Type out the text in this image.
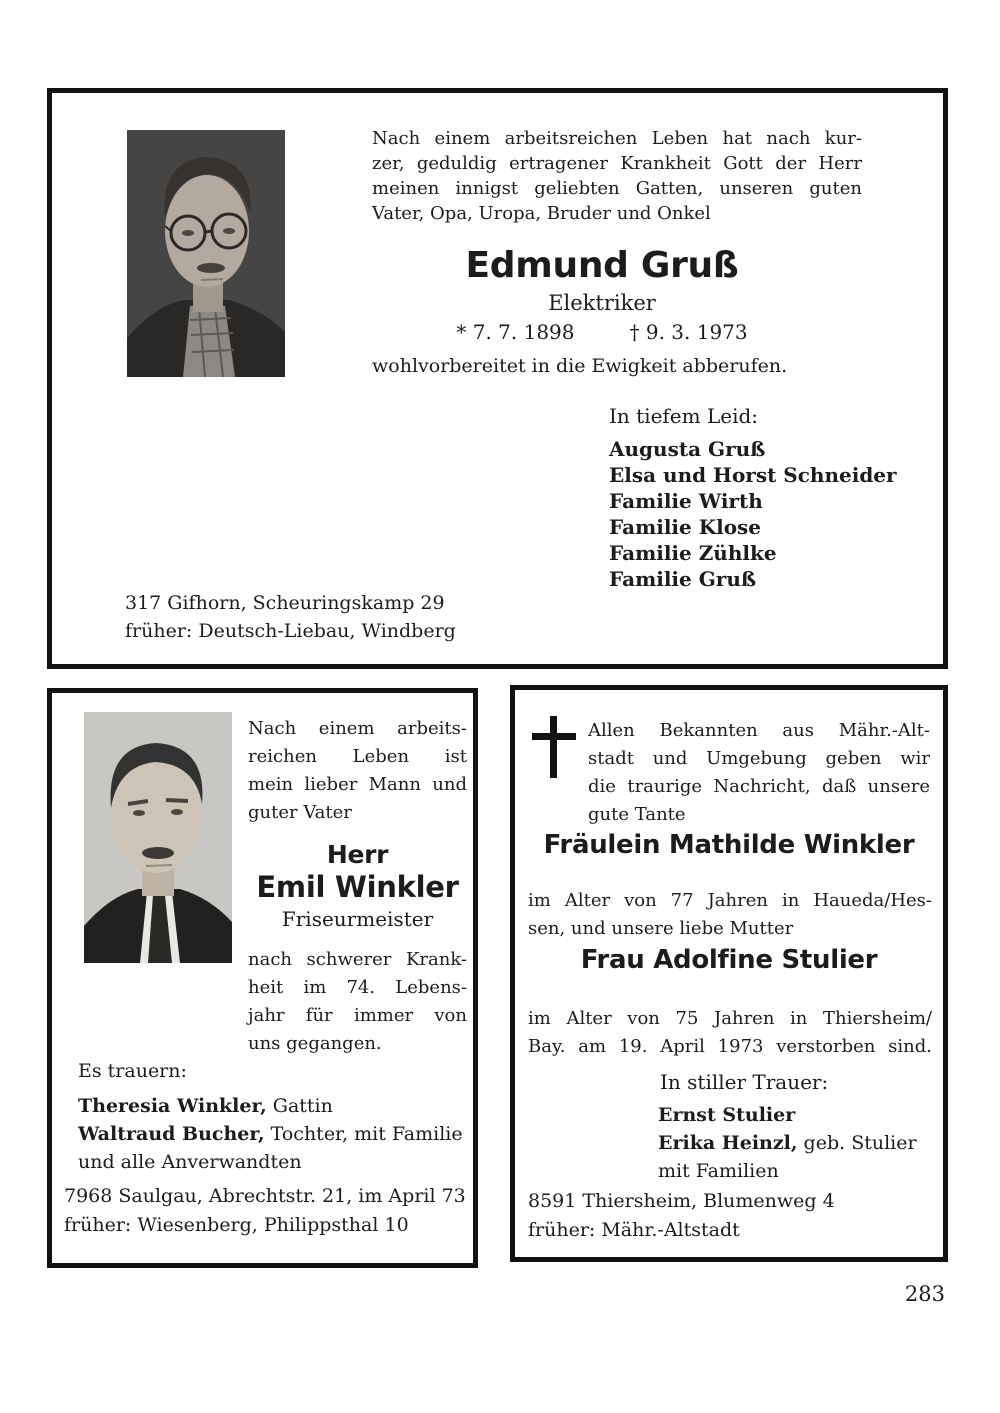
Nach einem arbeitsreichen Leben hat nach kur-
zer, geduldig ertragener Krankheit Gott der Herr
meinen innigst geliebten Gatten, unseren guten
Vater, Opa, Uropa, Bruder und Onkel
Edmund Gruß
Elektriker
* 7. 7. 1898	† 9. 3. 1973
wohlvorbereitet in die Ewigkeit abberufen.
In tiefem Leid:
Augusta Gruß
Elsa und Horst Schneider
Familie Wirth
Familie Klose
Familie Zühlke
Familie Gruß
317 Gifhorn, Scheuringskamp 29
früher: Deutsch-Liebau, Windberg
Nach einem arbeits-
reichen Leben ist
mein lieber Mann und
guter Vater
Herr
Emil Winkler
Friseurmeister
nach schwerer Krank-
heit im 74. Lebens-
jahr für immer von
uns gegangen.
Es trauern:
Theresia Winkler, Gattin
Waltraud Bucher, Tochter, mit Familie
und alle Anverwandten
7968 Saulgau, Abrechtstr. 21, im April 73
früher: Wiesenberg, Philippsthal 10
Allen Bekannten aus Mähr.-Alt-
stadt und Umgebung geben wir
die traurige Nachricht, daß unsere
gute Tante
Fräulein Mathilde Winkler
im Alter von 77 Jahren in Haueda/Hes-
sen, und unsere liebe Mutter
Frau Adolfine Stulier
im Alter von 75 Jahren in Thiersheim/
Bay. am 19. April 1973 verstorben sind.
In stiller Trauer:
Ernst Stulier
Erika Heinzl, geb. Stulier
mit Familien
8591 Thiersheim, Blumenweg 4
früher: Mähr.-Altstadt
283
